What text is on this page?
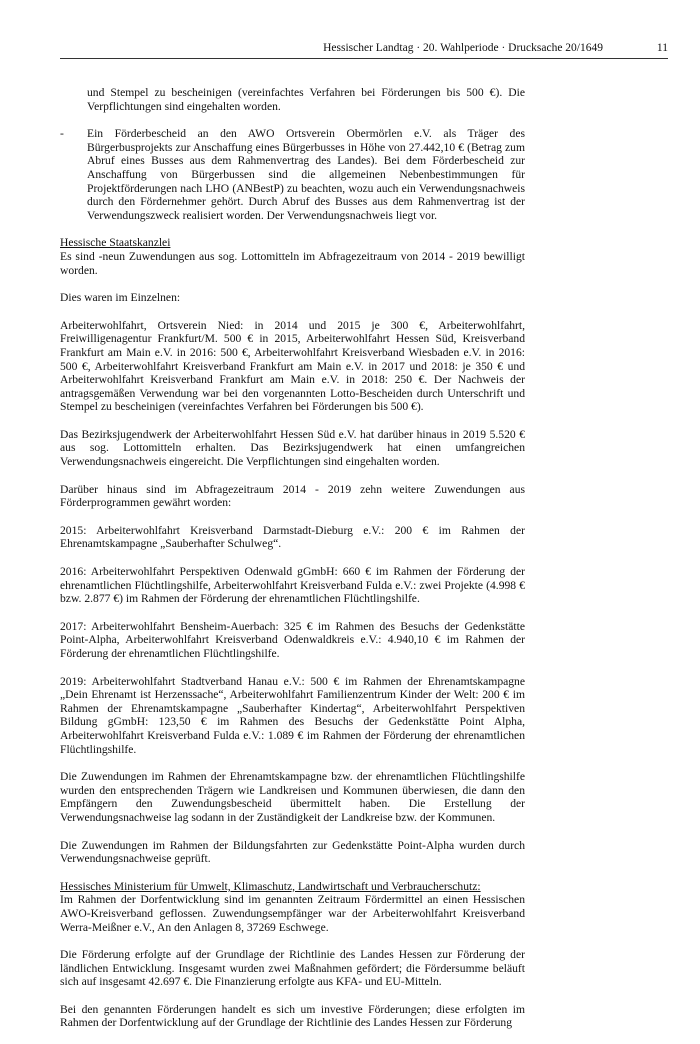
Hessischer Landtag · 20. Wahlperiode · Drucksache 20/1649	11

und Stempel zu bescheinigen (vereinfachtes Verfahren bei Förderungen bis 500 €). Die Verpflichtungen sind eingehalten worden.

- Ein Förderbescheid an den AWO Ortsverein Obermörlen e.V. als Träger des Bürgerbusprojekts zur Anschaffung eines Bürgerbusses in Höhe von 27.442,10 € (Betrag zum Abruf eines Busses aus dem Rahmenvertrag des Landes). Bei dem Förderbescheid zur Anschaffung von Bürgerbussen sind die allgemeinen Nebenbestimmungen für Projektförderungen nach LHO (ANBestP) zu beachten, wozu auch ein Verwendungsnachweis durch den Fördernehmer gehört. Durch Abruf des Busses aus dem Rahmenvertrag ist der Verwendungszweck realisiert worden. Der Verwendungsnachweis liegt vor.
Hessische Staatskanzlei
Es sind -neun Zuwendungen aus sog. Lottomitteln im Abfragezeitraum von 2014 - 2019 bewilligt worden.

Dies waren im Einzelnen:

Arbeiterwohlfahrt, Ortsverein Nied: in 2014 und 2015 je 300 €, Arbeiterwohlfahrt, Freiwilligenagentur Frankfurt/M. 500 € in 2015, Arbeiterwohlfahrt Hessen Süd, Kreisverband Frankfurt am Main e.V. in 2016: 500 €, Arbeiterwohlfahrt Kreisverband Wiesbaden e.V. in 2016: 500 €, Arbeiterwohlfahrt Kreisverband Frankfurt am Main e.V. in 2017 und 2018: je 350 € und Arbeiterwohlfahrt Kreisverband Frankfurt am Main e.V. in 2018: 250 €. Der Nachweis der antragsgemäßen Verwendung war bei den vorgenannten Lotto-Bescheiden durch Unterschrift und Stempel zu bescheinigen (vereinfachtes Verfahren bei Förderungen bis 500 €).

Das Bezirksjugendwerk der Arbeiterwohlfahrt Hessen Süd e.V. hat darüber hinaus in 2019 5.520 € aus sog. Lottomitteln erhalten. Das Bezirksjugendwerk hat einen umfangreichen Verwendungsnachweis eingereicht. Die Verpflichtungen sind eingehalten worden.

Darüber hinaus sind im Abfragezeitraum 2014 - 2019 zehn weitere Zuwendungen aus Förderprogrammen gewährt worden:

2015: Arbeiterwohlfahrt Kreisverband Darmstadt-Dieburg e.V.: 200 € im Rahmen der Ehrenamtskampagne „Sauberhafter Schulweg“.

2016: Arbeiterwohlfahrt Perspektiven Odenwald gGmbH: 660 € im Rahmen der Förderung der ehrenamtlichen Flüchtlingshilfe, Arbeiterwohlfahrt Kreisverband Fulda e.V.: zwei Projekte (4.998 € bzw. 2.877 €) im Rahmen der Förderung der ehrenamtlichen Flüchtlingshilfe.

2017: Arbeiterwohlfahrt Bensheim-Auerbach: 325 € im Rahmen des Besuchs der Gedenkstätte Point-Alpha, Arbeiterwohlfahrt Kreisverband Odenwaldkreis e.V.: 4.940,10 € im Rahmen der Förderung der ehrenamtlichen Flüchtlingshilfe.

2019: Arbeiterwohlfahrt Stadtverband Hanau e.V.: 500 € im Rahmen der Ehrenamtskampagne „Dein Ehrenamt ist Herzenssache“, Arbeiterwohlfahrt Familienzentrum Kinder der Welt: 200 € im Rahmen der Ehrenamtskampagne „Sauberhafter Kindertag“, Arbeiterwohlfahrt Perspektiven Bildung gGmbH: 123,50 € im Rahmen des Besuchs der Gedenkstätte Point Alpha, Arbeiterwohlfahrt Kreisverband Fulda e.V.: 1.089 € im Rahmen der Förderung der ehrenamtlichen Flüchtlingshilfe.

Die Zuwendungen im Rahmen der Ehrenamtskampagne bzw. der ehrenamtlichen Flüchtlingshilfe wurden den entsprechenden Trägern wie Landkreisen und Kommunen überwiesen, die dann den Empfängern den Zuwendungsbescheid übermittelt haben. Die Erstellung der Verwendungsnachweise lag sodann in der Zuständigkeit der Landkreise bzw. der Kommunen.

Die Zuwendungen im Rahmen der Bildungsfahrten zur Gedenkstätte Point-Alpha wurden durch Verwendungsnachweise geprüft.

Hessisches Ministerium für Umwelt, Klimaschutz, Landwirtschaft und Verbraucherschutz:
Im Rahmen der Dorfentwicklung sind im genannten Zeitraum Fördermittel an einen Hessischen AWO-Kreisverband geflossen. Zuwendungsempfänger war der Arbeiterwohlfahrt Kreisverband Werra-Meißner e.V., An den Anlagen 8, 37269 Eschwege.

Die Förderung erfolgte auf der Grundlage der Richtlinie des Landes Hessen zur Förderung der ländlichen Entwicklung. Insgesamt wurden zwei Maßnahmen gefördert; die Fördersumme beläuft sich auf insgesamt 42.697 €. Die Finanzierung erfolgte aus KFA- und EU-Mitteln.

Bei den genannten Förderungen handelt es sich um investive Förderungen; diese erfolgten im Rahmen der Dorfentwicklung auf der Grundlage der Richtlinie des Landes Hessen zur Förderung
